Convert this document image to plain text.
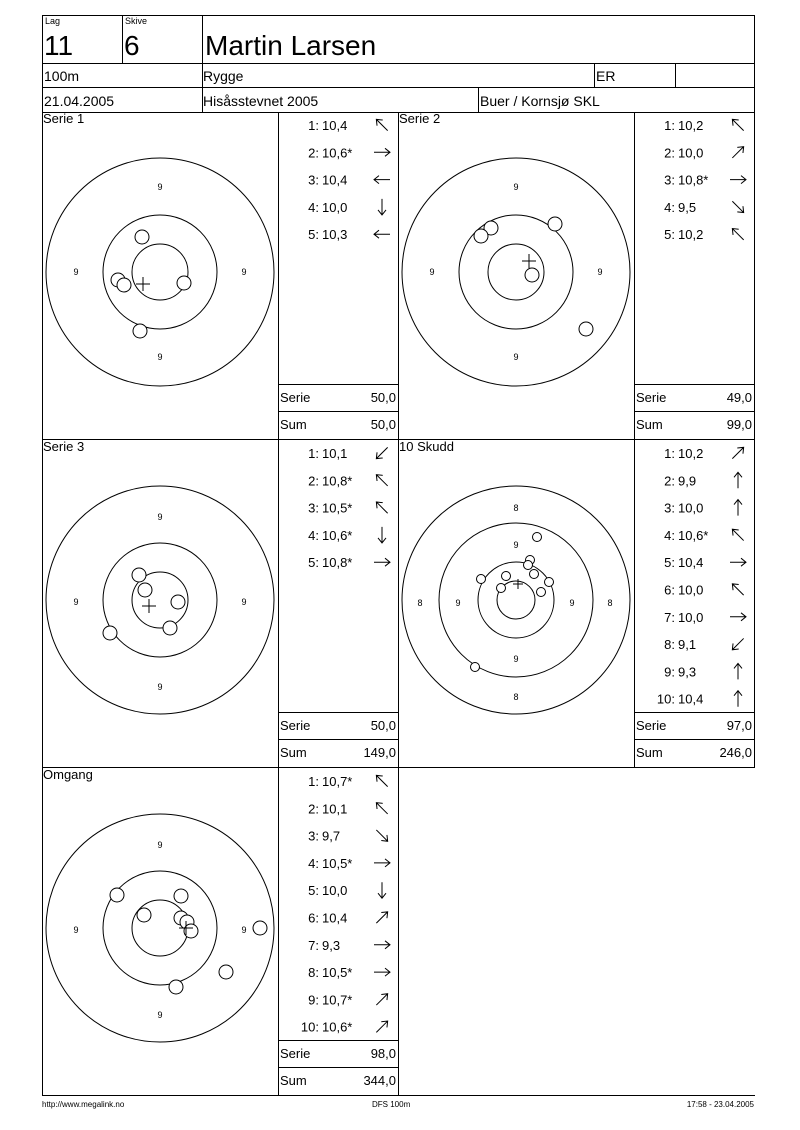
Lag
11
Skive
6 Martin Larsen
100m	Rygge	ER
21.04.2005	Hisåsstevnet 2005	Buer / Kornsjø SKL
Serie 1	Serie 2
Serie 3	10 Skudd
Omgang
9
9
9	9
9
9
9	9
9
9
9	9
8
8
8	8
9
9
9	9
9
9
9	9
1: 10,4
2: 10,6*
3: 10,4
4: 10,0
5: 10,3
1: 10,2
2: 10,0
3: 10,8*
4: 9,5
5: 10,2
1: 10,1
2: 10,8*
3: 10,5*
4: 10,6*
5: 10,8*
1: 10,2
2: 9,9
3: 10,0
4: 10,6*
5: 10,4
6: 10,0
7: 10,0
8: 9,1
9: 9,3
10: 10,4
1: 10,7*
2: 10,1
3: 9,7
4: 10,5*
5: 10,0
6: 10,4
7: 9,3
8: 10,5*
9: 10,7*
10: 10,6*
Serie	50,0
Sum	50,0
Serie	49,0
Sum	99,0
Serie	50,0
Sum	149,0
Serie	97,0
Sum	246,0
Serie	98,0
Sum	344,0
http://www.megalink.no	DFS 100m	17:58 - 23.04.2005
